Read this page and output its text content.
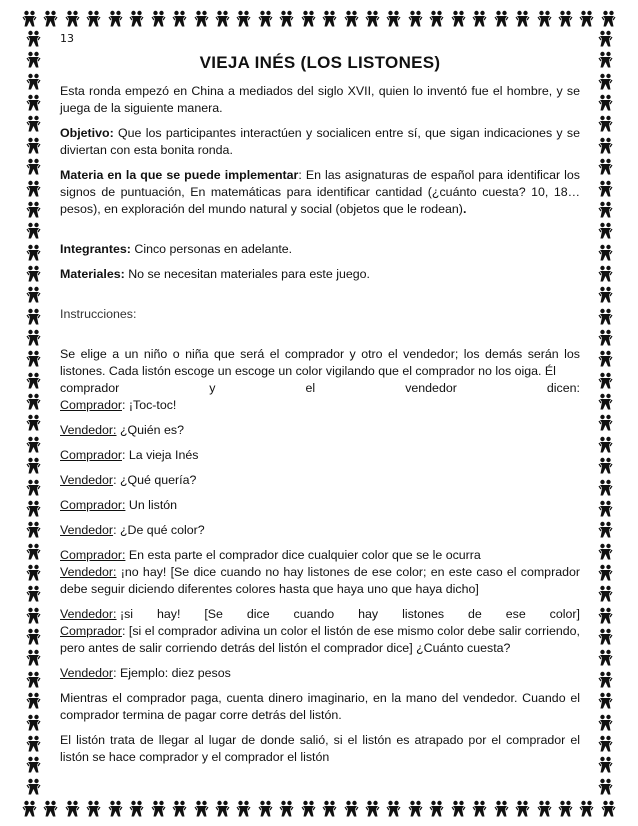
13
VIEJA INÉS (LOS LISTONES)

Esta ronda empezó en China a mediados del siglo XVII, quien lo inventó fue el hombre, y se juega de la siguiente manera.

Objetivo: Que los participantes interactúen y socialicen entre sí, que sigan indicaciones y se diviertan con esta bonita ronda.

Materia en la que se puede implementar: En las asignaturas de español para identificar los signos de puntuación, En matemáticas para identificar cantidad (¿cuánto cuesta? 10, 18…pesos), en exploración del mundo natural y social (objetos que le rodean).

Integrantes: Cinco personas en adelante.

Materiales: No se necesitan materiales para este juego.

Instrucciones:

Se elige a un niño o niña que será el comprador y otro el vendedor; los demás serán los listones. Cada listón escoge un escoge un color vigilando que el comprador no los oiga. Él

comprador	y	el	vendedor	dicen:

Comprador: ¡Toc-toc!

Vendedor: ¿Quién es?

Comprador: La vieja Inés

Vendedor: ¿Qué quería?

Comprador: Un listón

Vendedor: ¿De qué color?

Comprador: En esta parte el comprador dice cualquier color que se le ocurra

Vendedor: ¡no hay! [Se dice cuando no hay listones de ese color; en este caso el comprador debe seguir diciendo diferentes colores hasta que haya uno que haya dicho]

Vendedor: ¡si hay! [Se dice cuando hay listones de ese color]

Comprador: [si el comprador adivina un color el listón de ese mismo color debe salir corriendo, pero antes de salir corriendo detrás del listón el comprador dice] ¿Cuánto cuesta?

Vendedor: Ejemplo: diez pesos

Mientras el comprador paga, cuenta dinero imaginario, en la mano del vendedor. Cuando el comprador termina de pagar corre detrás del listón.

El listón trata de llegar al lugar de donde salió, si el listón es atrapado por el comprador el listón se hace comprador y el comprador el listón
